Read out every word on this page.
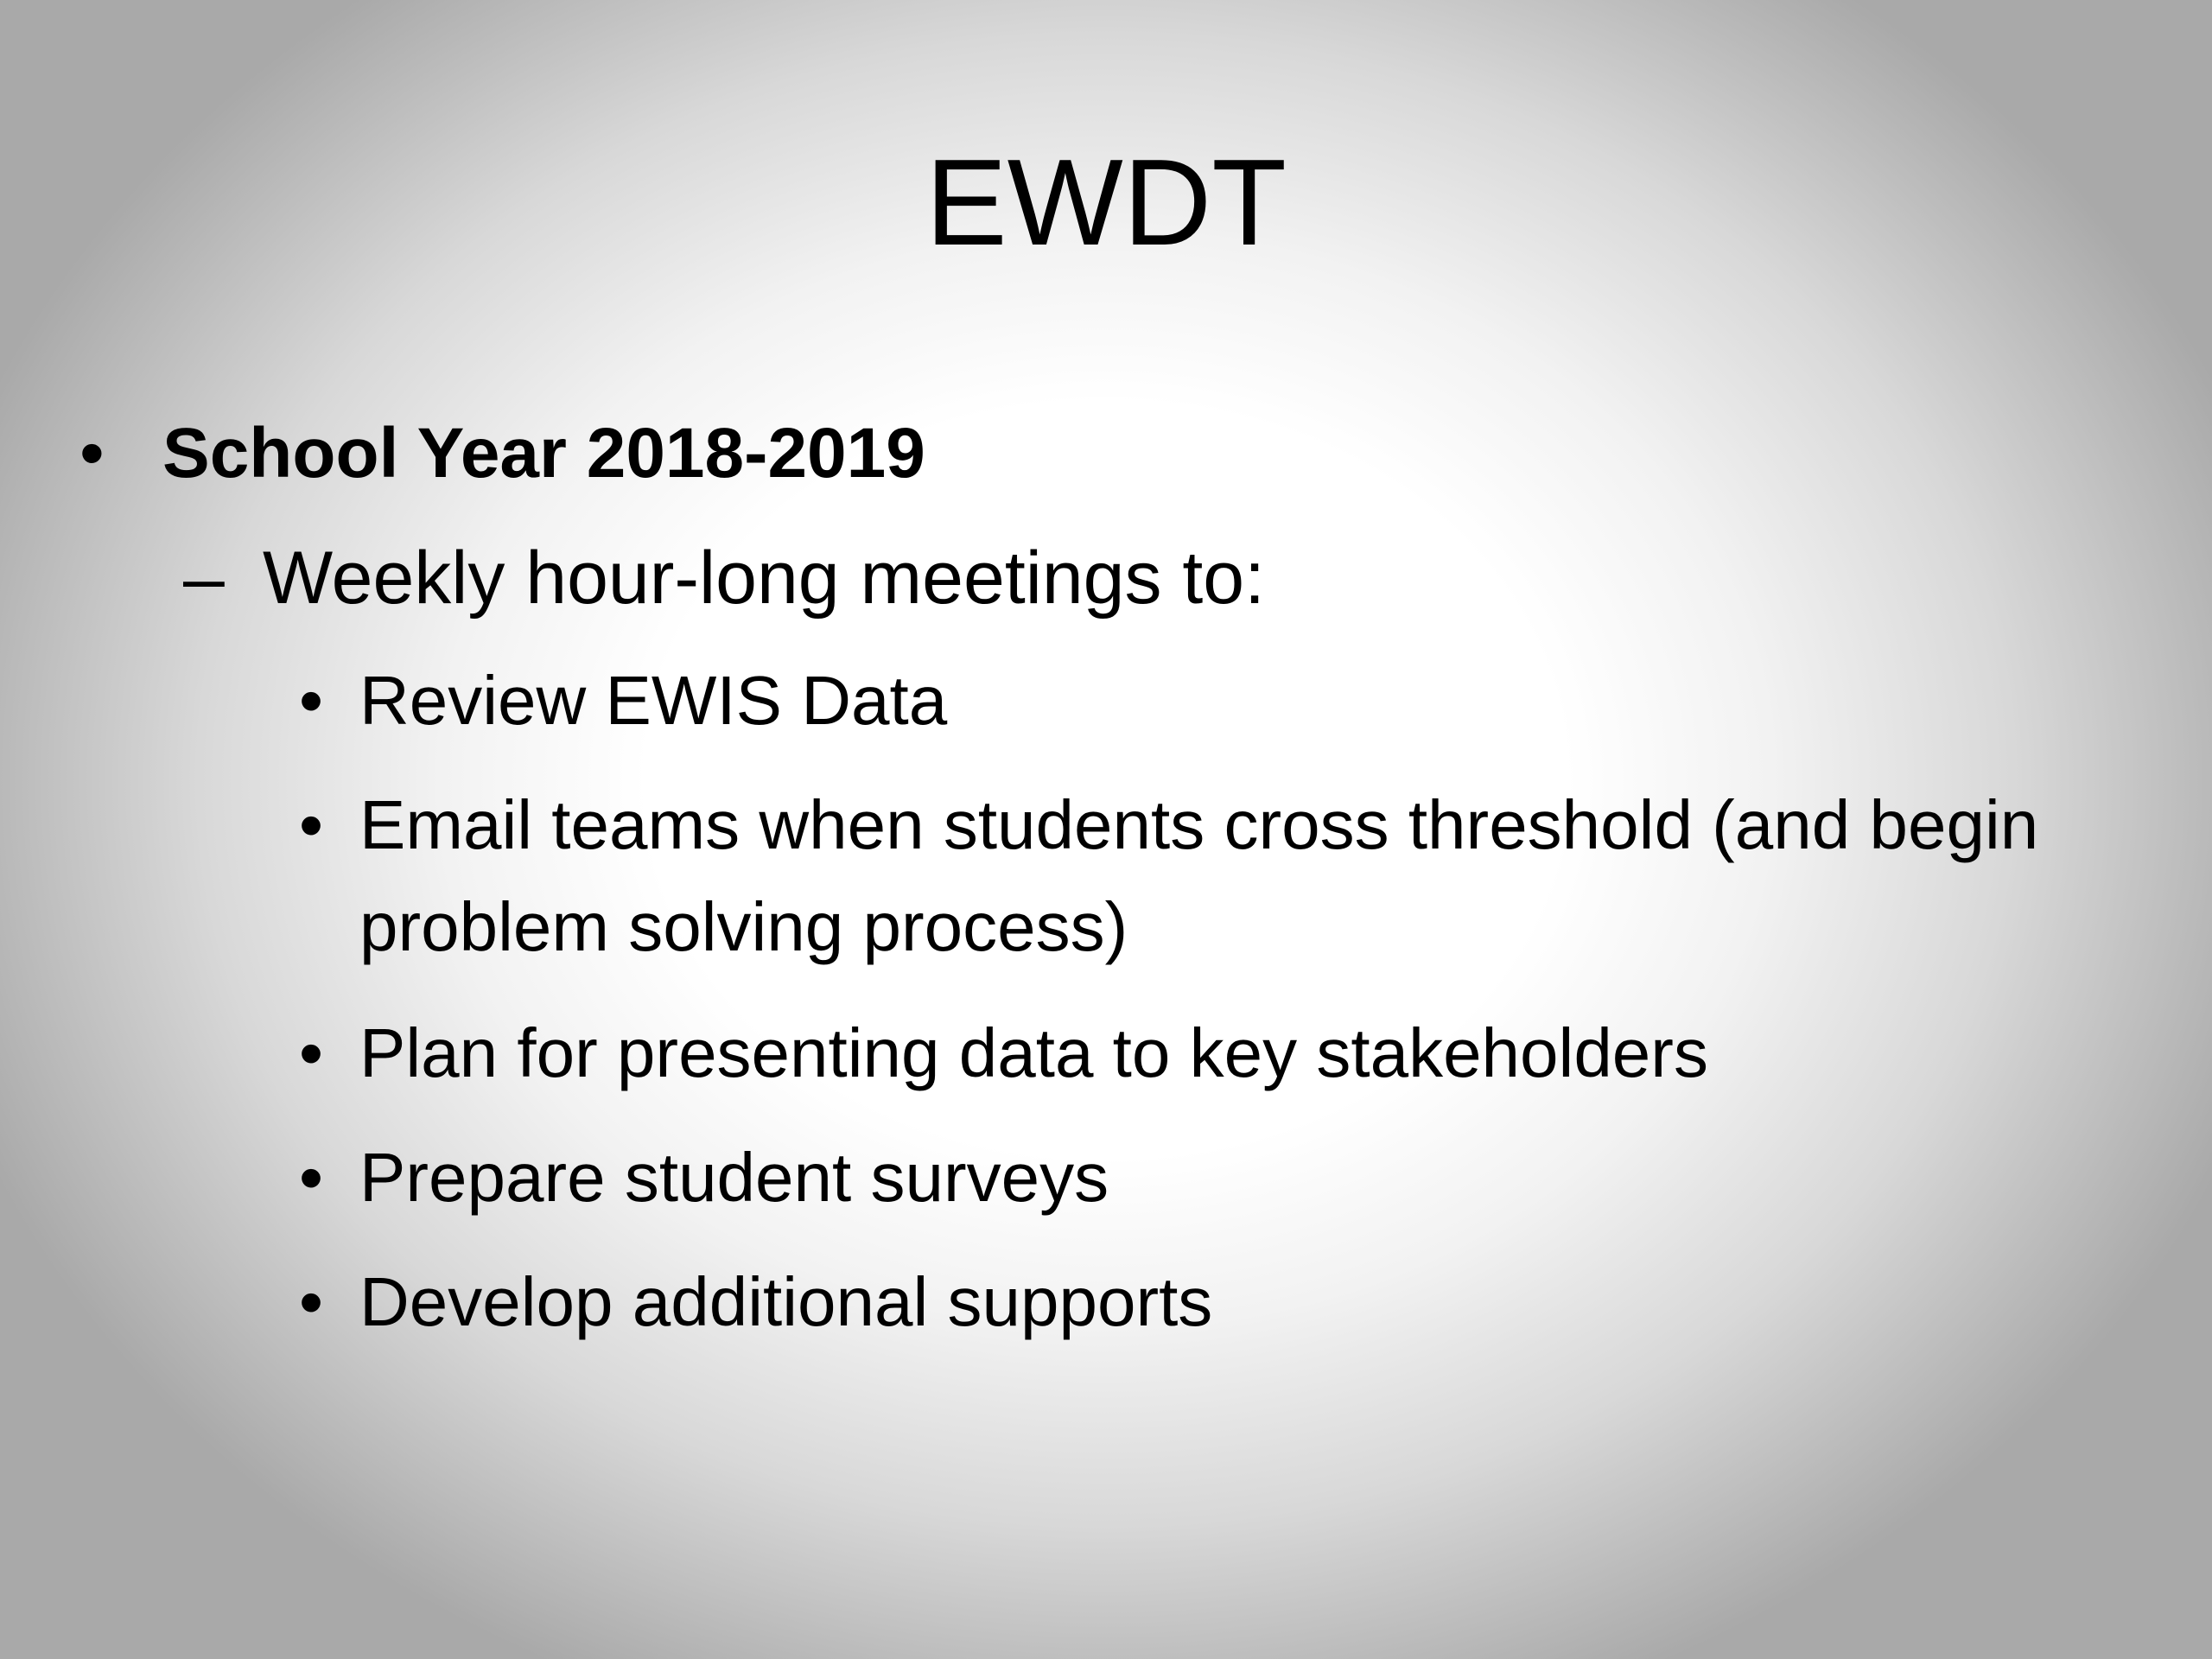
EWDT
• School Year 2018-2019
– Weekly hour-long meetings to:
• Review EWIS Data
• Email teams when students cross threshold (and begin problem solving process)
• Plan for presenting data to key stakeholders
• Prepare student surveys
• Develop additional supports
